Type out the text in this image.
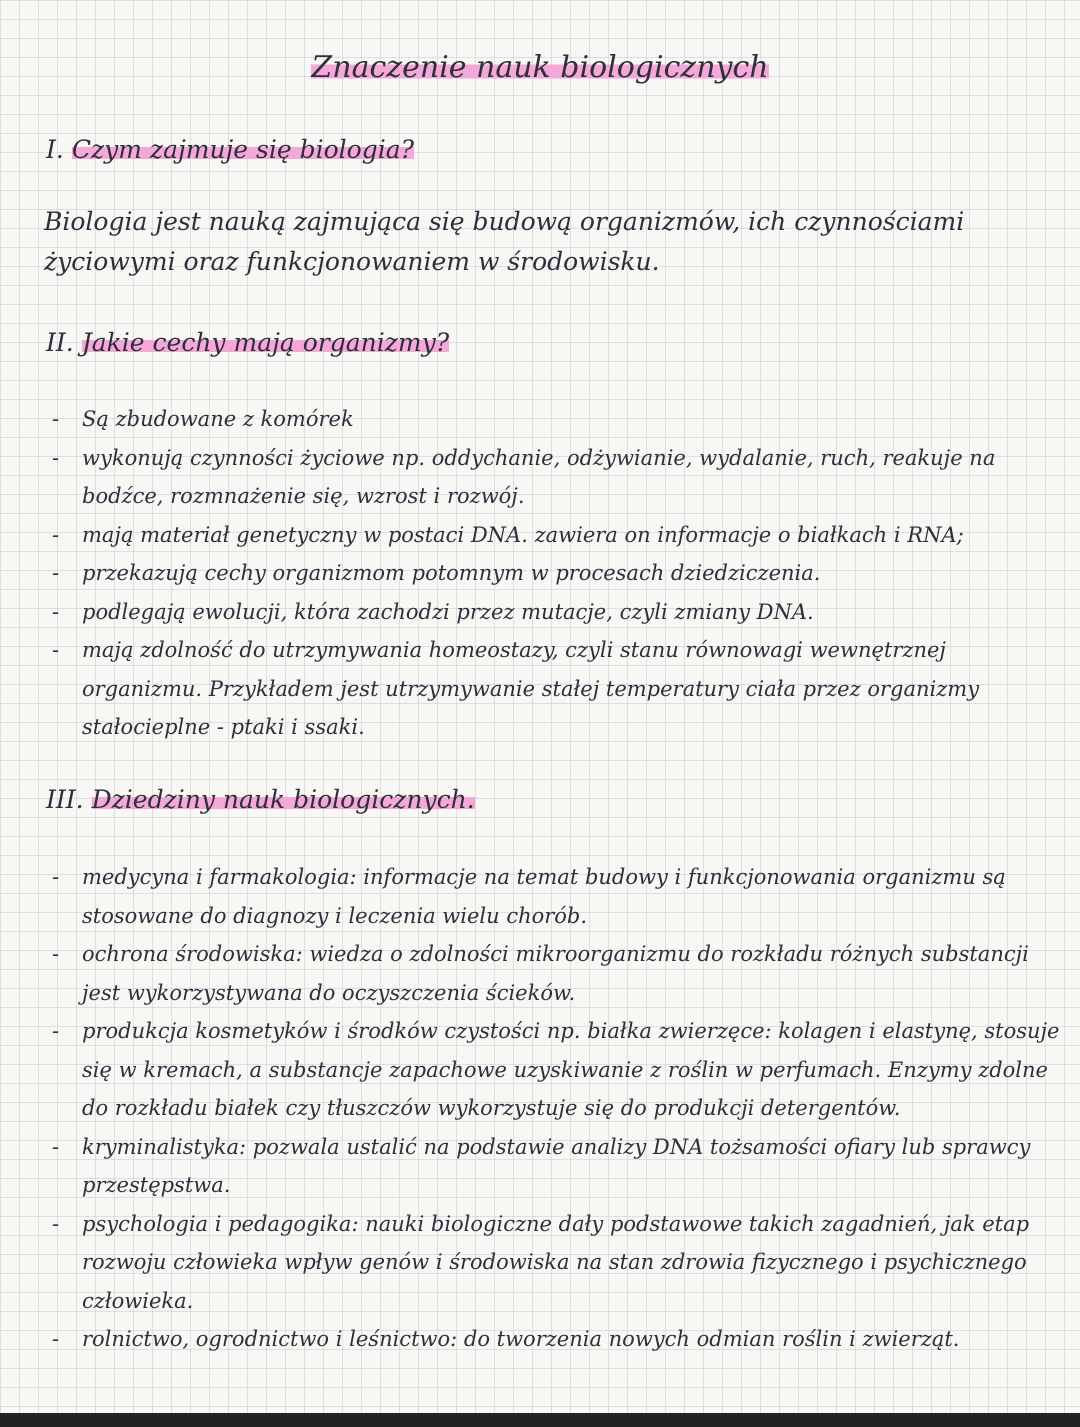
Znaczenie nauk biologicznych
I. Czym zajmuje się biologia?
Biologia jest nauką zajmująca się budową organizmów, ich czynnościami życiowymi oraz funkcjonowaniem w środowisku.
II. Jakie cechy mają organizmy?
- Są zbudowane z komórek
- wykonują czynności życiowe np. oddychanie, odżywianie, wydalanie, ruch, reakuje na bodźce, rozmnażenie się, wzrost i rozwój.
- mają materiał genetyczny w postaci DNA. zawiera on informacje o białkach i RNA;
- przekazują cechy organizmom potomnym w procesach dziedziczenia.
- podlegają ewolucji, która zachodzi przez mutacje, czyli zmiany DNA.
- mają zdolność do utrzymywania homeostazy, czyli stanu równowagi wewnętrznej organizmu. Przykładem jest utrzymywanie stałej temperatury ciała przez organizmy stałocieplne - ptaki i ssaki.
III. Dziedziny nauk biologicznych.
- medycyna i farmakologia: informacje na temat budowy i funkcjonowania organizmu są stosowane do diagnozy i leczenia wielu chorób.
- ochrona środowiska: wiedza o zdolności mikroorganizmu do rozkładu różnych substancji jest wykorzystywana do oczyszczenia ścieków.
- produkcja kosmetyków i środków czystości np. białka zwierzęce: kolagen i elastynę, stosuje się w kremach, a substancje zapachowe uzyskiwanie z roślin w perfumach. Enzymy zdolne do rozkładu białek czy tłuszczów wykorzystuje się do produkcji detergentów.
- kryminalistyka: pozwala ustalić na podstawie analizy DNA tożsamości ofiary lub sprawcy przestępstwa.
- psychologia i pedagogika: nauki biologiczne dały podstawowe takich zagadnień, jak etap rozwoju człowieka wpływ genów i środowiska na stan zdrowia fizycznego i psychicznego człowieka.
- rolnictwo, ogrodnictwo i leśnictwo: do tworzenia nowych odmian roślin i zwierząt.
